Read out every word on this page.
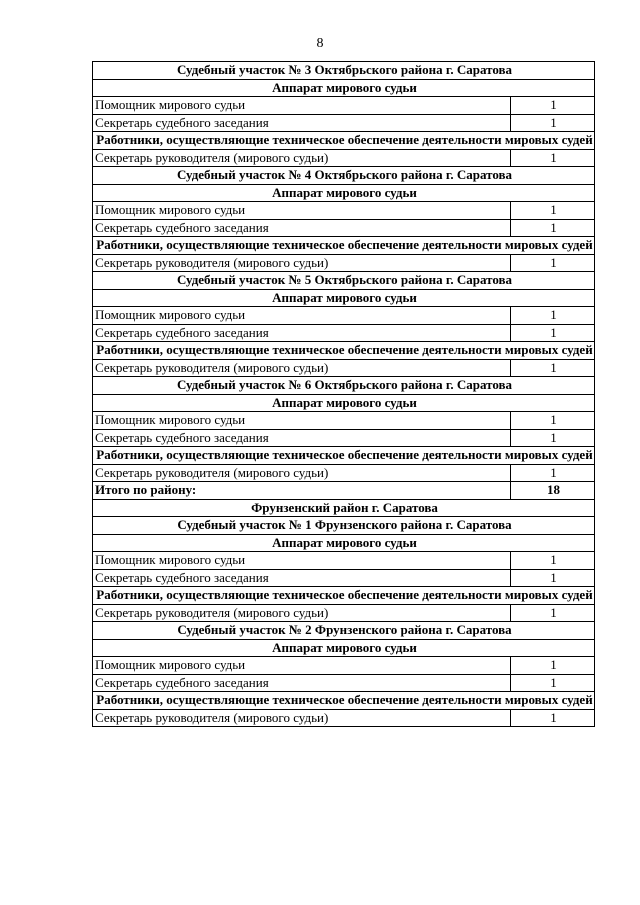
8
Судебный участок № 3 Октябрьского района г. Саратова	
Аппарат мирового судьи	
Помощник мирового судьи	1
Секретарь судебного заседания	1
Работники, осуществляющие техническое обеспечение деятельности мировых судей	
Секретарь руководителя (мирового судьи)	1
Судебный участок № 4 Октябрьского района г. Саратова	
Аппарат мирового судьи	
Помощник мирового судьи	1
Секретарь судебного заседания	1
Работники, осуществляющие техническое обеспечение деятельности мировых судей	
Секретарь руководителя (мирового судьи)	1
Судебный участок № 5 Октябрьского района г. Саратова	
Аппарат мирового судьи	
Помощник мирового судьи	1
Секретарь судебного заседания	1
Работники, осуществляющие техническое обеспечение деятельности мировых судей	
Секретарь руководителя (мирового судьи)	1
Судебный участок № 6 Октябрьского района г. Саратова	
Аппарат мирового судьи	
Помощник мирового судьи	1
Секретарь судебного заседания	1
Работники, осуществляющие техническое обеспечение деятельности мировых судей	
Секретарь руководителя (мирового судьи)	1
Итого по району:	18
Фрунзенский район г. Саратова	
Судебный участок № 1 Фрунзенского района г. Саратова	
Аппарат мирового судьи	
Помощник мирового судьи	1
Секретарь судебного заседания	1
Работники, осуществляющие техническое обеспечение деятельности мировых судей	
Секретарь руководителя (мирового судьи)	1
Судебный участок № 2 Фрунзенского района г. Саратова	
Аппарат мирового судьи	
Помощник мирового судьи	1
Секретарь судебного заседания	1
Работники, осуществляющие техническое обеспечение деятельности мировых судей	
Секретарь руководителя (мирового судьи)	1
